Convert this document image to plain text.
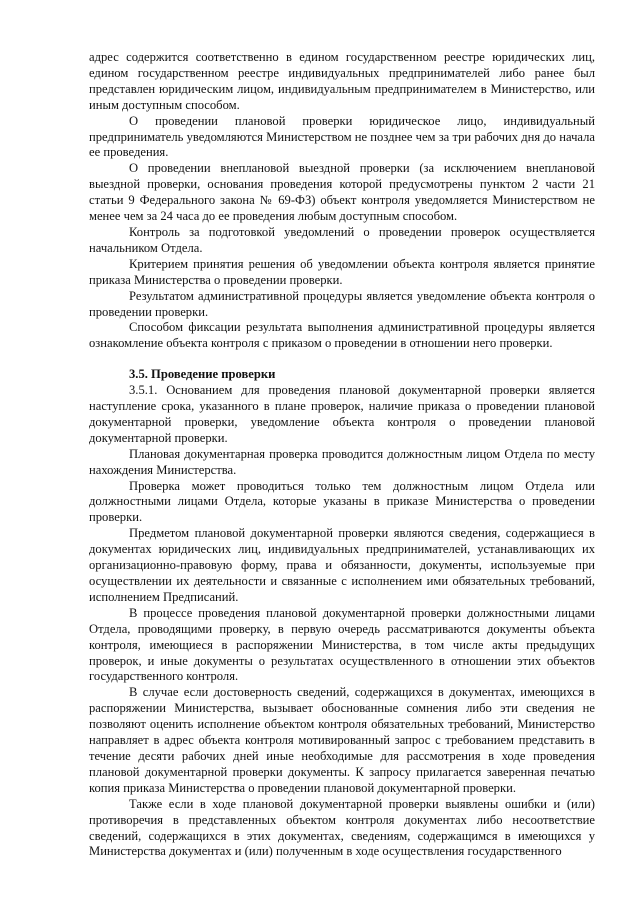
адрес содержится соответственно в едином государственном реестре юридических лиц, едином государственном реестре индивидуальных предпринимателей либо ранее был представлен юридическим лицом, индивидуальным предпринимателем в Министерство, или иным доступным способом.

О проведении плановой проверки юридическое лицо, индивидуальный предприниматель уведомляются Министерством не позднее чем за три рабочих дня до начала ее проведения.

О проведении внеплановой выездной проверки (за исключением внеплановой выездной проверки, основания проведения которой предусмотрены пунктом 2 части 21 статьи 9 Федерального закона № 69-ФЗ) объект контроля уведомляется Министерством не менее чем за 24 часа до ее проведения любым доступным способом.

Контроль за подготовкой уведомлений о проведении проверок осуществляется начальником Отдела.

Критерием принятия решения об уведомлении объекта контроля является принятие приказа Министерства о проведении проверки.

Результатом административной процедуры является уведомление объекта контроля о проведении проверки.

Способом фиксации результата выполнения административной процедуры является ознакомление объекта контроля с приказом о проведении в отношении него проверки.

3.5. Проведение проверки

3.5.1. Основанием для проведения плановой документарной проверки является наступление срока, указанного в плане проверок, наличие приказа о проведении плановой документарной проверки, уведомление объекта контроля о проведении плановой документарной проверки.

Плановая документарная проверка проводится должностным лицом Отдела по месту нахождения Министерства.

Проверка может проводиться только тем должностным лицом Отдела или должностными лицами Отдела, которые указаны в приказе Министерства о проведении проверки.

Предметом плановой документарной проверки являются сведения, содержащиеся в документах юридических лиц, индивидуальных предпринимателей, устанавливающих их организационно-правовую форму, права и обязанности, документы, используемые при осуществлении их деятельности и связанные с исполнением ими обязательных требований, исполнением Предписаний.

В процессе проведения плановой документарной проверки должностными лицами Отдела, проводящими проверку, в первую очередь рассматриваются документы объекта контроля, имеющиеся в распоряжении Министерства, в том числе акты предыдущих проверок, и иные документы о результатах осуществленного в отношении этих объектов государственного контроля.

В случае если достоверность сведений, содержащихся в документах, имеющихся в распоряжении Министерства, вызывает обоснованные сомнения либо эти сведения не позволяют оценить исполнение объектом контроля обязательных требований, Министерство направляет в адрес объекта контроля мотивированный запрос с требованием представить в течение десяти рабочих дней иные необходимые для рассмотрения в ходе проведения плановой документарной проверки документы. К запросу прилагается заверенная печатью копия приказа Министерства о проведении плановой документарной проверки.

Также если в ходе плановой документарной проверки выявлены ошибки и (или) противоречия в представленных объектом контроля документах либо несоответствие сведений, содержащихся в этих документах, сведениям, содержащимся в имеющихся у Министерства документах и (или) полученным в ходе осуществления государственного
